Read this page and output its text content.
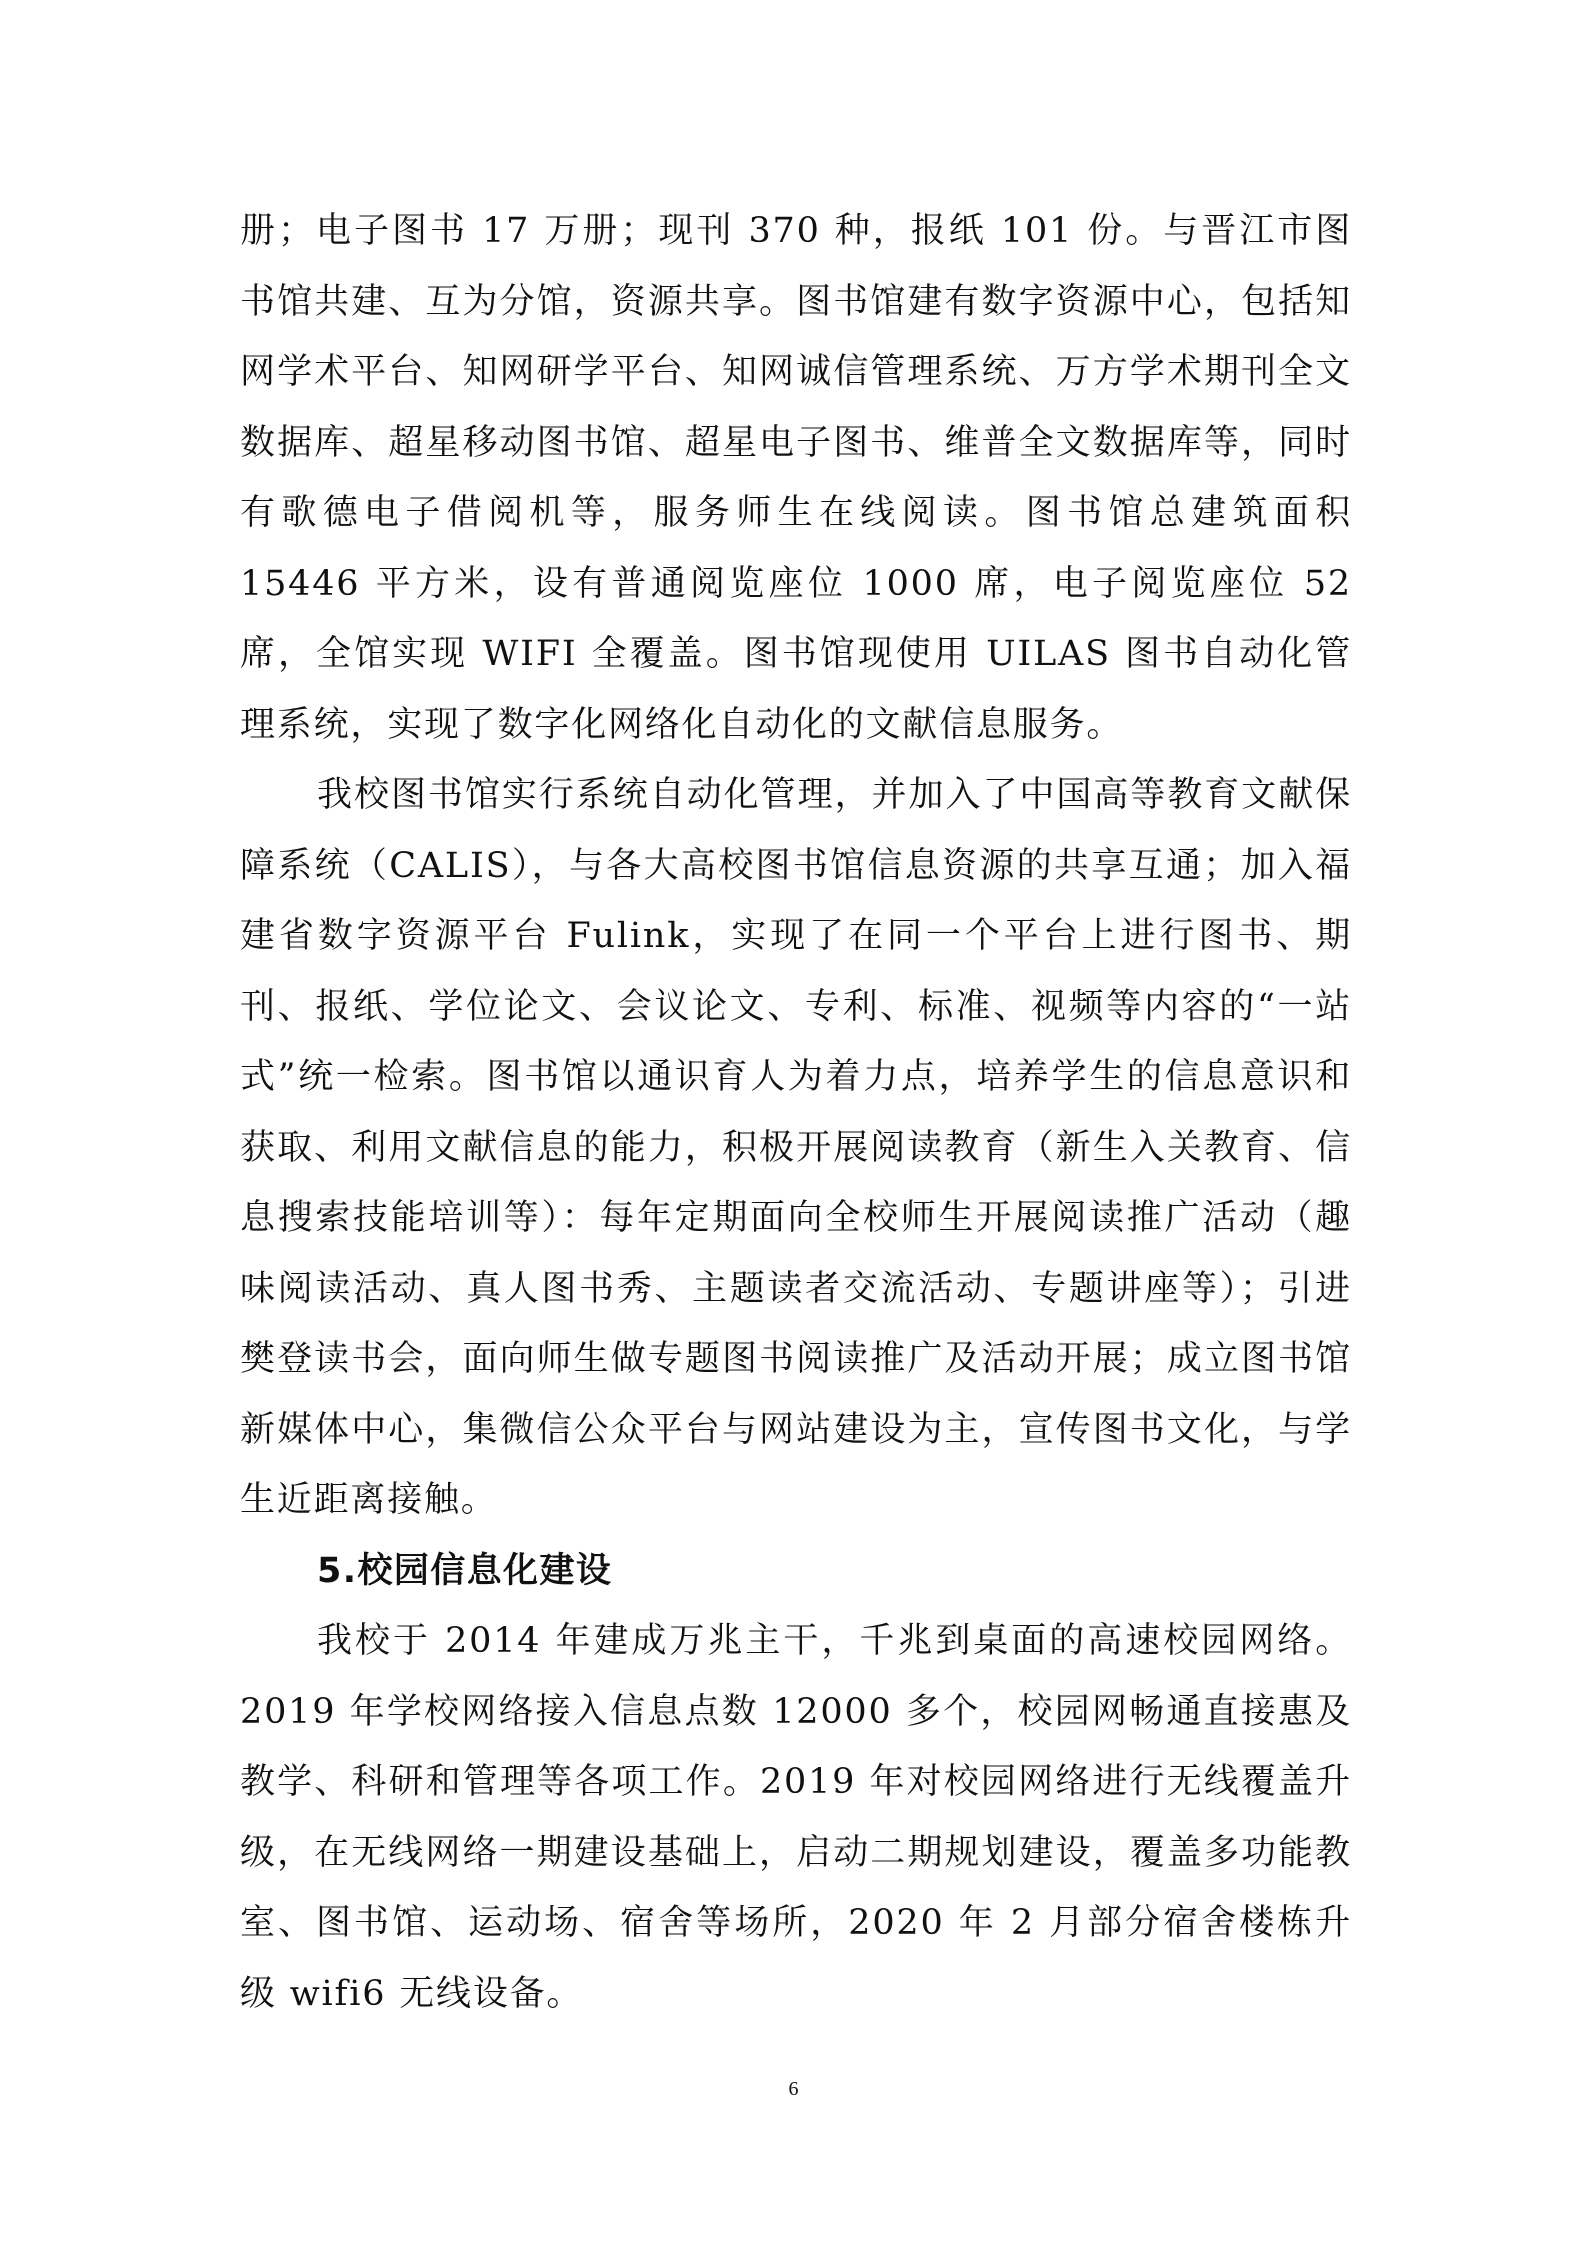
册；电子图书 17 万册；现刊 370 种，报纸 101 份。与晋江市图书馆共建、互为分馆，资源共享。图书馆建有数字资源中心，包括知网学术平台、知网研学平台、知网诚信管理系统、万方学术期刊全文数据库、超星移动图书馆、超星电子图书、维普全文数据库等，同时有歌德电子借阅机等，服务师生在线阅读。图书馆总建筑面积 15446 平方米，设有普通阅览座位 1000 席，电子阅览座位 52 席，全馆实现 WIFI 全覆盖。图书馆现使用 UILAS 图书自动化管理系统，实现了数字化网络化自动化的文献信息服务。

我校图书馆实行系统自动化管理，并加入了中国高等教育文献保障系统（CALIS），与各大高校图书馆信息资源的共享互通；加入福建省数字资源平台 Fulink，实现了在同一个平台上进行图书、期刊、报纸、学位论文、会议论文、专利、标准、视频等内容的“一站式”统一检索。图书馆以通识育人为着力点，培养学生的信息意识和获取、利用文献信息的能力，积极开展阅读教育（新生入关教育、信息搜索技能培训等）：每年定期面向全校师生开展阅读推广活动（趣味阅读活动、真人图书秀、主题读者交流活动、专题讲座等）；引进樊登读书会，面向师生做专题图书阅读推广及活动开展；成立图书馆新媒体中心，集微信公众平台与网站建设为主，宣传图书文化，与学生近距离接触。

5.校园信息化建设

我校于 2014 年建成万兆主干，千兆到桌面的高速校园网络。2019 年学校网络接入信息点数 12000 多个，校园网畅通直接惠及教学、科研和管理等各项工作。2019 年对校园网络进行无线覆盖升级，在无线网络一期建设基础上，启动二期规划建设，覆盖多功能教室、图书馆、运动场、宿舍等场所，2020 年 2 月部分宿舍楼栋升级 wifi6 无线设备。

6
